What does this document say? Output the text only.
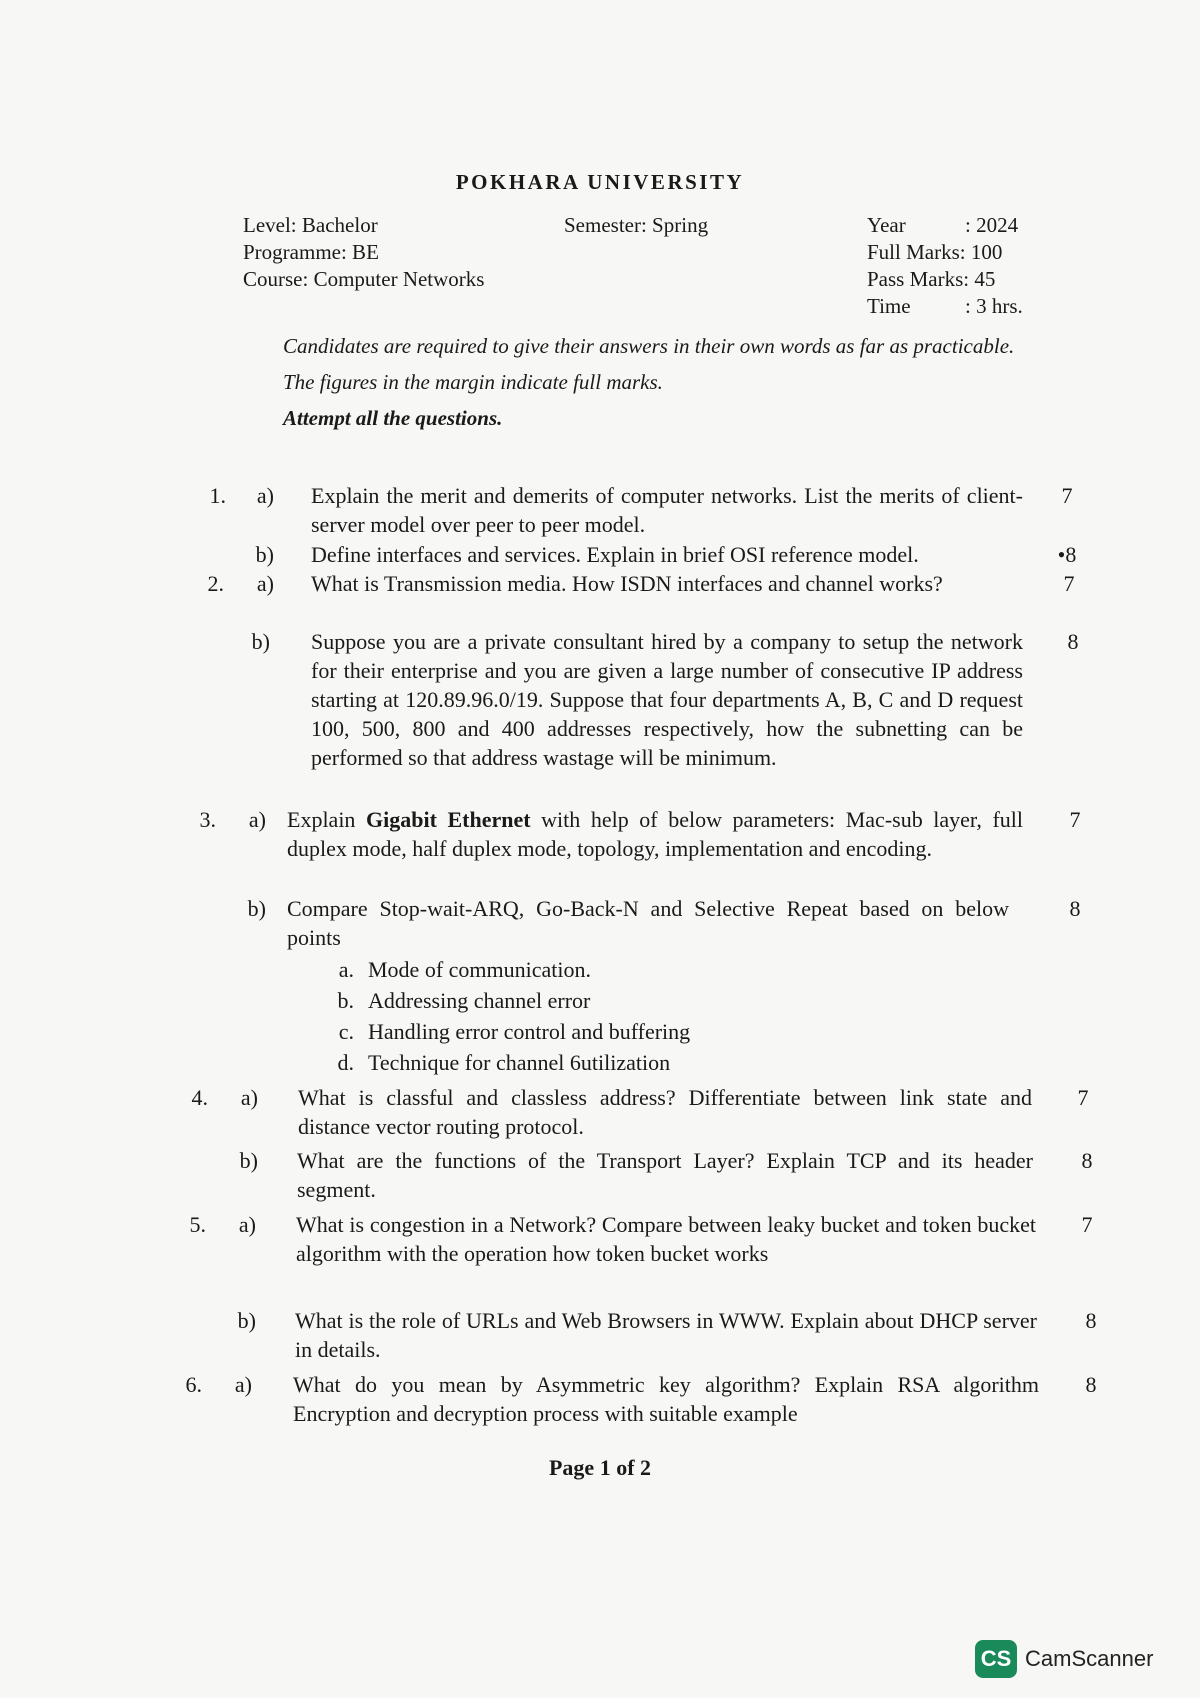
POKHARA UNIVERSITY
Level: Bachelor
Programme: BE
Course: Computer Networks
Semester: Spring	Year	: 2024
Full Marks: 100
Pass Marks: 45
Time	: 3 hrs.

Candidates are required to give their answers in their own words as far as practicable.

The figures in the margin indicate full marks.

Attempt all the questions.

1.	a) Explain the merit and demerits of computer networks. List the merits of client-server model over peer to peer model.
7
b) Define interfaces and services. Explain in brief OSI reference model.	•8
2.	a) What is Transmission media. How ISDN interfaces and channel works?	7
b) Suppose you are a private consultant hired by a company to setup the network for their enterprise and you are given a large number of consecutive IP address starting at 120.89.96.0/19. Suppose that four departments A, B, C and D request 100, 500, 800 and 400 addresses respectively, how the subnetting can be performed so that address wastage will be minimum.
8
3.	a) Explain Gigabit Ethernet with help of below parameters: Mac-sub layer, full duplex mode, half duplex mode, topology, implementation and encoding.
7
b) Compare Stop-wait-ARQ, Go-Back-N and Selective Repeat based on below points
8
a. Mode of communication.
b. Addressing channel error
c. Handling error control and buffering
d. Technique for channel 6utilization
4.	a) What is classful and classless address? Differentiate between link state and distance vector routing protocol.
7
b) What are the functions of the Transport Layer? Explain TCP and its header segment.
8
5.	a) What is congestion in a Network? Compare between leaky bucket and token bucket algorithm with the operation how token bucket works
7
b) What is the role of URLs and Web Browsers in WWW. Explain about DHCP server in details.
8
6.	a) What do you mean by Asymmetric key algorithm? Explain RSA algorithm Encryption and decryption process with suitable example
8
Page 1 of 2
CS CamScanner
